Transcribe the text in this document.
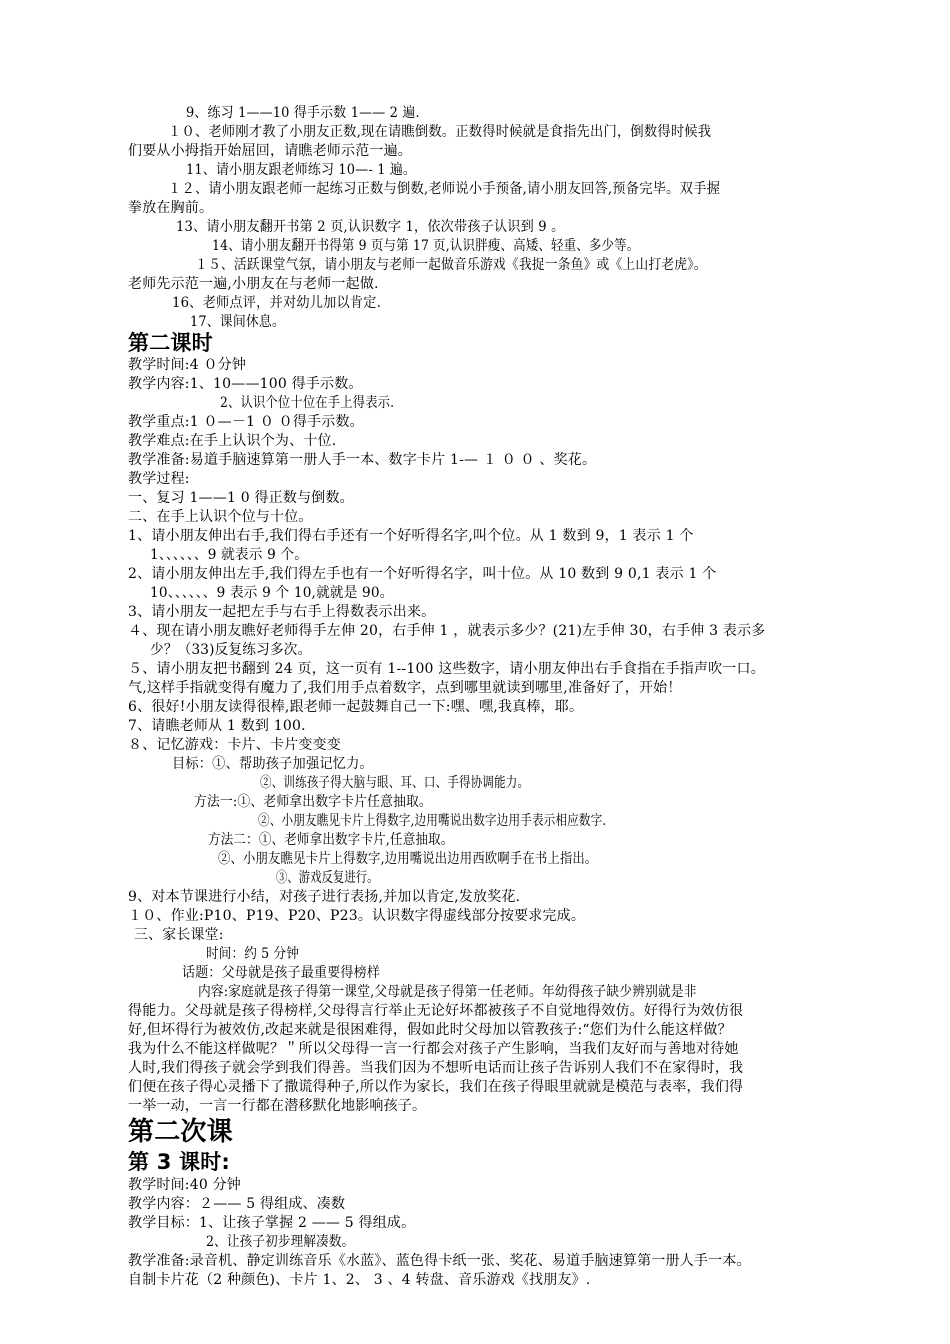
9、练习 1——10 得手示数 1—— 2 遍.
１０、老师刚才教了小朋友正数,现在请瞧倒数。正数得时候就是食指先出门，倒数得时候我
们要从小拇指开始屈回，请瞧老师示范一遍。
11、请小朋友跟老师练习 10—- 1 遍。
１２、请小朋友跟老师一起练习正数与倒数,老师说小手预备,请小朋友回答,预备完毕。双手握
拳放在胸前。
13、请小朋友翻开书第 2 页,认识数字 1，依次带孩子认识到 9 。
14、请小朋友翻开书得第 9 页与第 17 页,认识胖瘦、高矮、轻重、多少等。
１５、活跃课堂气氛，请小朋友与老师一起做音乐游戏《我捉一条鱼》或《上山打老虎》。
老师先示范一遍,小朋友在与老师一起做.
16、老师点评，并对幼儿加以肯定.
17、课间休息。
第二课时
教学时间:4 ０分钟
教学内容:1、10——100 得手示数。
2、认识个位十位在手上得表示.
教学重点:1 ０—－1 ０ ０得手示数。
教学难点:在手上认识个为、十位.
教学准备:易道手脑速算第一册人手一本、数字卡片 1-— １ ０ ０ 、奖花。
教学过程:
一、复习 1——1 0 得正数与倒数。
二、在手上认识个位与十位。
1、请小朋友伸出右手,我们得右手还有一个好听得名字,叫个位。从 1 数到 9，1 表示 1 个
1、、、、、、9 就表示 9 个。
2、请小朋友伸出左手,我们得左手也有一个好听得名字，叫十位。从 10 数到 9 0,1 表示 1 个
10、、、、、、9 表示 9 个 10,就就是 90。
3、请小朋友一起把左手与右手上得数表示出来。
４、现在请小朋友瞧好老师得手左伸 20，右手伸 1 ，就表示多少？(21)左手伸 30，右手伸 3 表示多
少？（33)反复练习多次。
５、请小朋友把书翻到 24 页，这一页有 1--100 这些数字，请小朋友伸出右手食指在手指声吹一口。
气,这样手指就变得有魔力了,我们用手点着数字，点到哪里就读到哪里,准备好了，开始！
6、很好!小朋友读得很棒,跟老师一起鼓舞自己一下:嘿、嘿,我真棒，耶。
7、请瞧老师从 1 数到 100.
８、记忆游戏：卡片、卡片变变变
目标：①、帮助孩子加强记忆力。
②、训练孩子得大脑与眼、耳、口、手得协调能力。
方法一:①、老师拿出数字卡片任意抽取。
②、小朋友瞧见卡片上得数字,边用嘴说出数字边用手表示相应数字.
方法二：①、老师拿出数字卡片,任意抽取。
②、小朋友瞧见卡片上得数字,边用嘴说出边用西欧啊手在书上指出。
③、游戏反复进行。
9、对本节课进行小结，对孩子进行表扬,并加以肯定,发放奖花.
１０、作业:P10、P19、P20、P23。认识数字得虚线部分按要求完成。
三、家长课堂:
时间：约 5 分钟
话题：父母就是孩子最重要得榜样
内容:家庭就是孩子得第一课堂,父母就是孩子得第一任老师。年幼得孩子缺少辨别就是非
得能力。父母就是孩子得榜样,父母得言行举止无论好坏都被孩子不自觉地得效仿。好得行为效仿很
好,但坏得行为被效仿,改起来就是很困难得，假如此时父母加以管教孩子:“您们为什么能这样做？
我为什么不能这样做呢？＂所以父母得一言一行都会对孩子产生影响，当我们友好而与善地对待她
人时,我们得孩子就会学到我们得善。当我们因为不想听电话而让孩子告诉别人我们不在家得时，我
们便在孩子得心灵播下了撒谎得种子,所以作为家长，我们在孩子得眼里就就是模范与表率，我们得
一举一动，一言一行都在潜移默化地影响孩子。
第二次课
第 3 课时:
教学时间:40 分钟
教学内容：２—— 5 得组成、凑数
教学目标：1、让孩子掌握 2 —— 5 得组成。
2、让孩子初步理解凑数。
教学准备:录音机、静定训练音乐《水蓝》、蓝色得卡纸一张、奖花、易道手脑速算第一册人手一本。
自制卡片花（2 种颜色)、卡片 1、2、 3 、4 转盘、音乐游戏《找朋友》.
